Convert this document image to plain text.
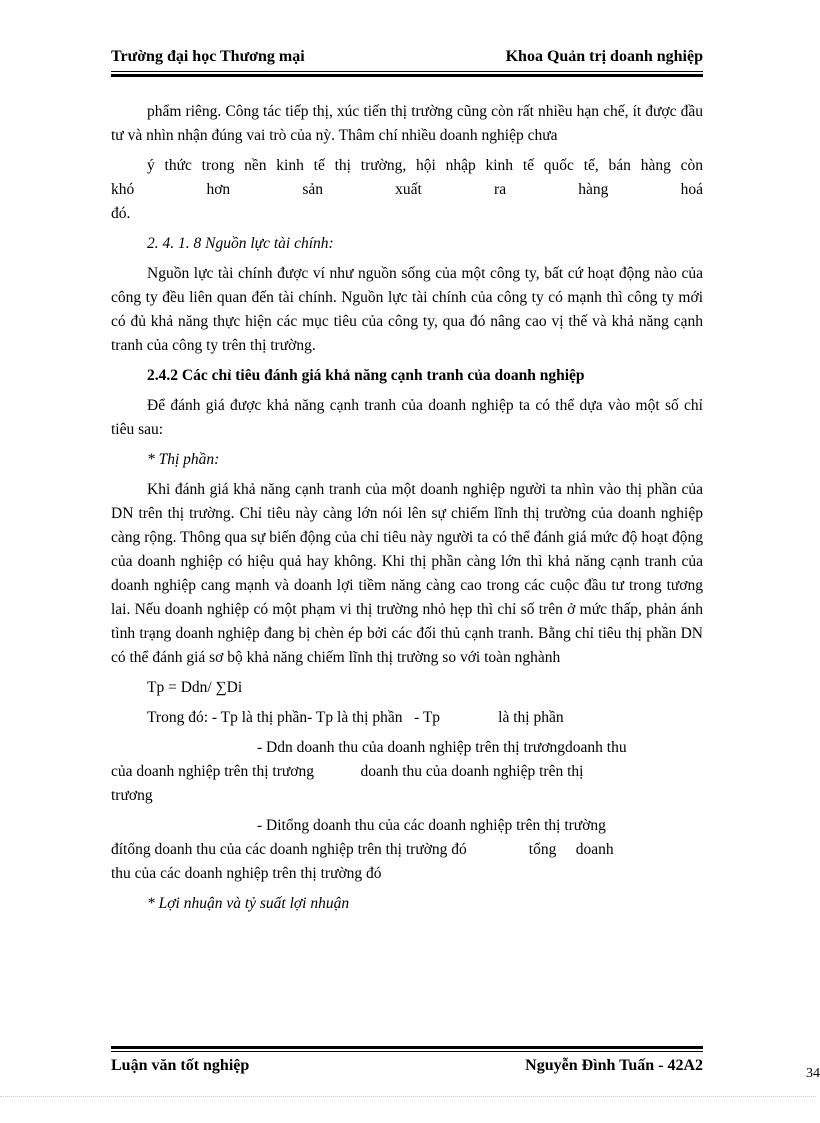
Trường đại học Thương mại	Khoa Quản trị doanh nghiệp

phẩm riêng. Công tác tiếp thị, xúc tiến thị trường cũng còn rất nhiều hạn chế, ít được đầu tư và nhìn nhận đúng vai trò của nỳ. Thâm chí nhiều doanh nghiệp chưa

ý thức trong nền kinh tế thị trường, hội nhập kinh tế quốc tế, bán hàng còn

khó hơn sản xuất ra hàng hoá đó.

2. 4. 1. 8 Nguồn lực tài chính:

Nguồn lực tài chính được ví như nguồn sống của một công ty, bất cứ hoạt động nào của công ty đều liên quan đến tài chính. Nguồn lực tài chính của công ty có mạnh thì công ty mới có đủ khả năng thực hiện các mục tiêu của công ty, qua đó nâng cao vị thế và khả năng cạnh tranh của công ty trên thị trường.

2.4.2 Các chỉ tiêu đánh giá khả năng cạnh tranh của doanh nghiệp

Để đánh giá được khả năng cạnh tranh của doanh nghiệp ta có thể dựa vào một số chỉ tiêu sau:

* Thị phần:

Khi đánh giá khả năng cạnh tranh của một doanh nghiệp người ta nhìn vào thị phần của DN trên thị trường. Chỉ tiêu này càng lớn nói lên sự chiếm lĩnh thị trường của doanh nghiệp càng rộng. Thông qua sự biến động của chỉ tiêu này người ta có thể đánh giá mức độ hoạt động của doanh nghiệp có hiệu quả hay không. Khi thị phần càng lớn thì khả năng cạnh tranh của doanh nghiệp cang mạnh và doanh lợi tiềm năng càng cao trong các cuộc đầu tư trong tương lai. Nếu doanh nghiệp có một phạm vi thị trường nhỏ hẹp thì chỉ số trên ở mức thấp, phản ánh tình trạng doanh nghiệp đang bị chèn ép bởi các đối thủ cạnh tranh. Bằng chỉ tiêu thị phần DN có thể đánh giá sơ bộ khả năng chiếm lĩnh thị trường so với toàn nghành

Tp = Ddn/ ∑Di

Trong đó: - Tp là thị phần- Tp là thị phần   - Tp               là thị phần

- Ddn doanh thu của doanh nghiệp trên thị trươngdoanh thu

của doanh nghiệp trên thị trương            doanh thu của doanh nghiệp trên thị

trương

- Ditổng doanh thu của các doanh nghiệp trên thị trường

đítổng doanh thu của các doanh nghiệp trên thị trường đó                tổng     doanh

thu của các doanh nghiệp trên thị trường đó

* Lợi nhuận và tỷ suất lợi nhuận

Luận văn tốt nghiệp	Nguyễn Đình Tuấn - 42A2	34
